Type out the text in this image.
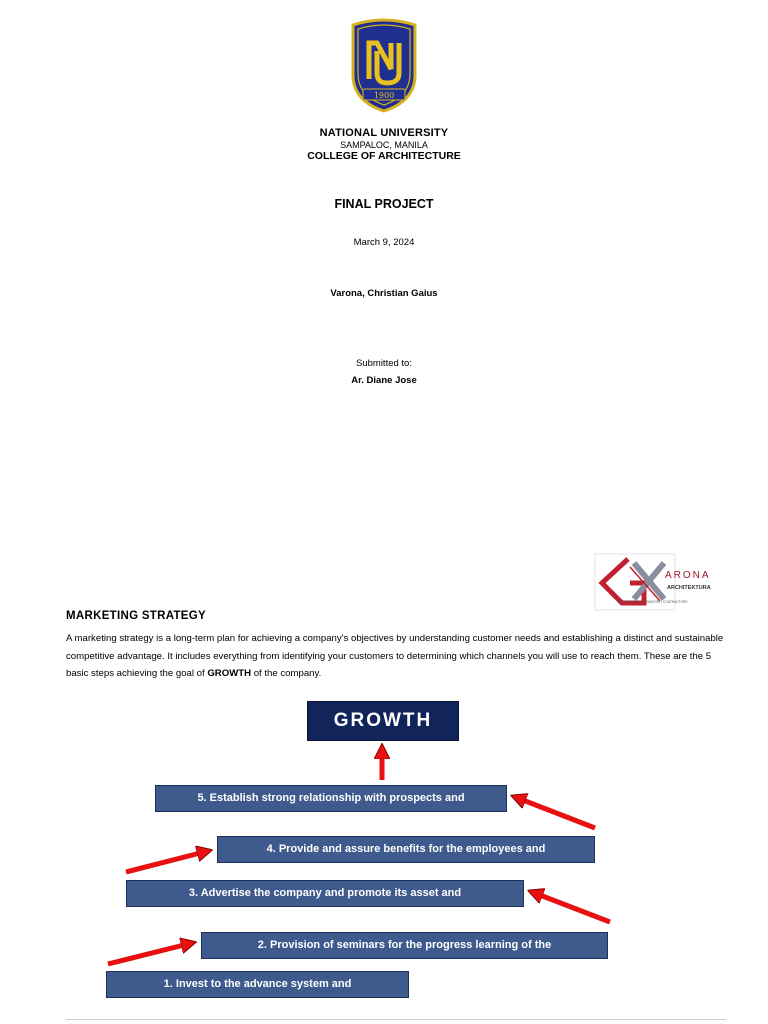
1900
NATIONAL UNIVERSITY
SAMPALOC, MANILA
COLLEGE OF ARCHITECTURE
FINAL PROJECT
March 9, 2024
Varona, Christian Gaius
Submitted to:
Ar. Diane Jose
ARONA
ARCHITEKTURA
ARCHITECTS • ENGINEERS • CONTRACTORS
MARKETING STRATEGY
A marketing strategy is a long-term plan for achieving a company's objectives by understanding customer needs and establishing a distinct and sustainable competitive advantage. It includes everything from identifying your customers to determining which channels you will use to reach them. These are the 5 basic steps achieving the goal of GROWTH of the company.
GROWTH
5. Establish strong relationship with prospects and
4. Provide and assure benefits for the employees and
3. Advertise the company and promote its asset and
2. Provision of seminars for the progress learning of the
1. Invest to the advance system and
